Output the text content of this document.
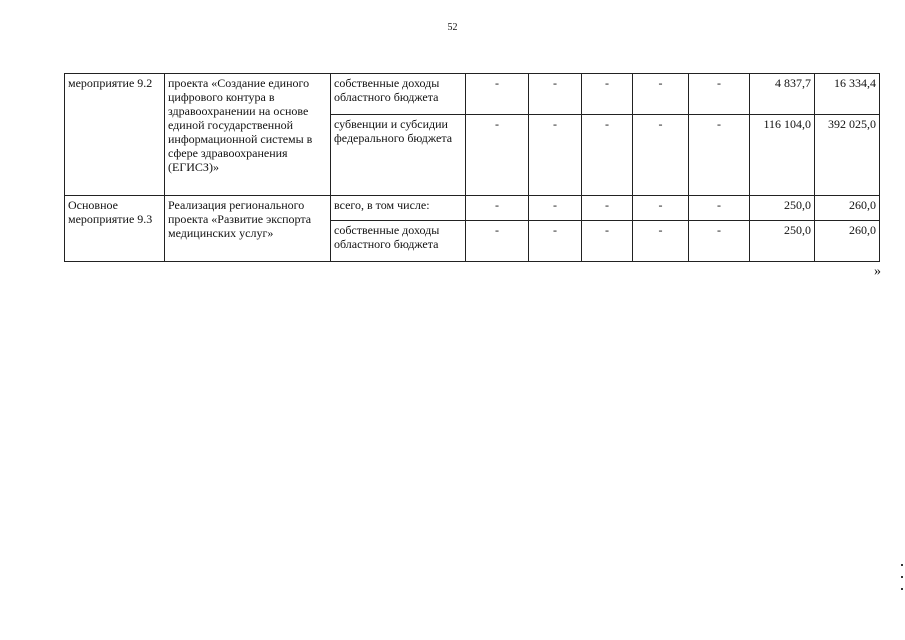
52
мероприятие 9.2	проекта «Создание единого цифрового контура в здравоохранении на основе единой государственной информационной системы в сфере здравоохранения (ЕГИСЗ)»	собственные доходы областного бюджета	-	-	-	-	-	4 837,7	16 334,4
		субвенции и субсидии федерального бюджета	-	-	-	-	-	116 104,0	392 025,0
Основное мероприятие 9.3	Реализация регионального проекта «Развитие экспорта медицинских услуг»	всего, в том числе:	-	-	-	-	-	250,0	260,0
		собственные доходы областного бюджета	-	-	-	-	-	250,0	260,0
»
